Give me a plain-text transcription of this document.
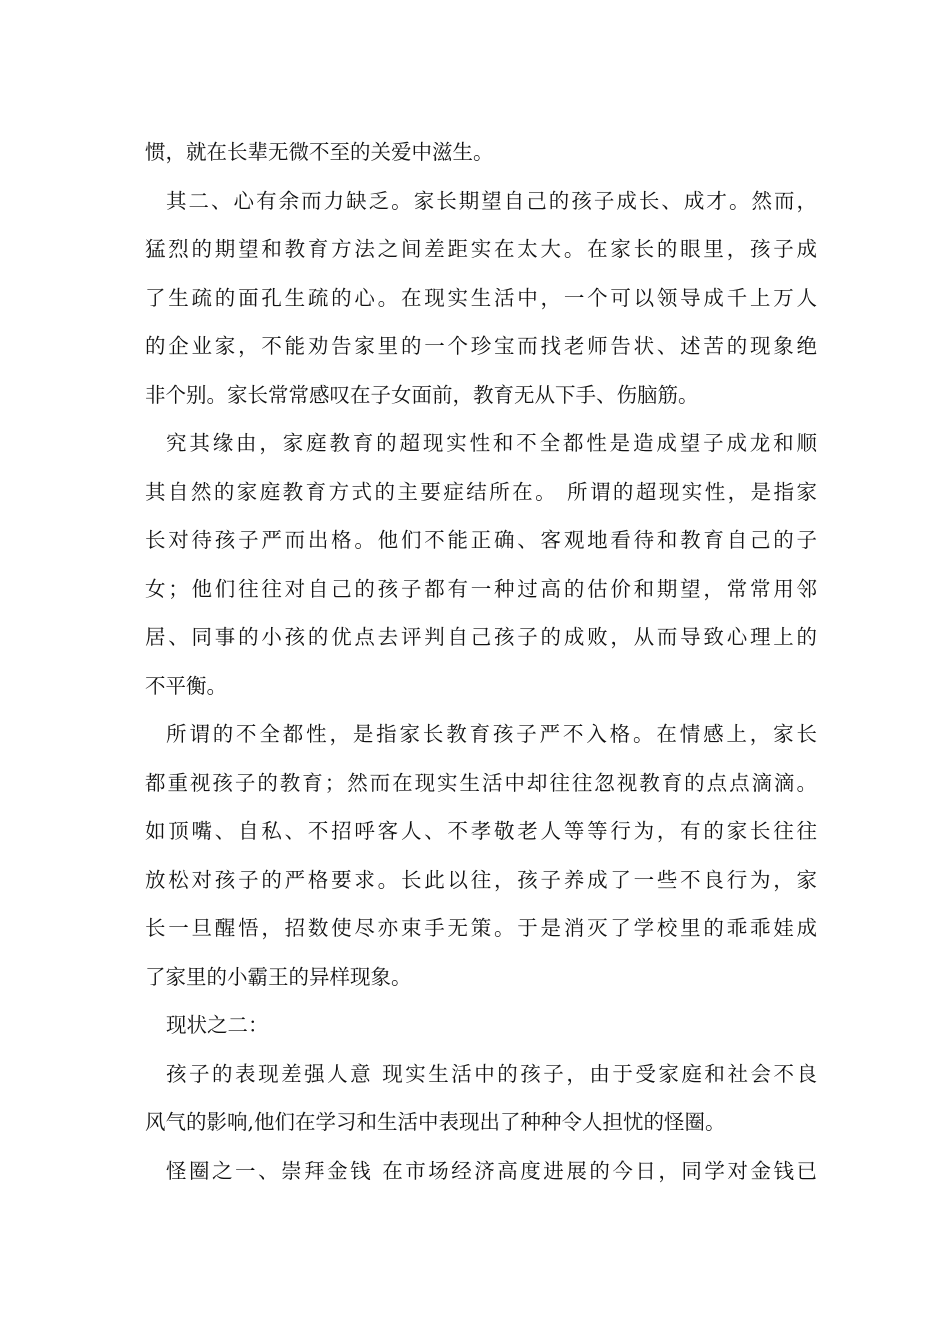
惯，就在长辈无微不至的关爱中滋生。
其二、心有余而力缺乏。家长期望自己的孩子成长、成才。然而，
猛烈的期望和教育方法之间差距实在太大。在家长的眼里，孩子成
了生疏的面孔生疏的心。在现实生活中，一个可以领导成千上万人
的企业家，不能劝告家里的一个珍宝而找老师告状、述苦的现象绝
非个别。家长常常感叹在子女面前，教育无从下手、伤脑筋。
究其缘由，家庭教育的超现实性和不全都性是造成望子成龙和顺
其自然的家庭教育方式的主要症结所在。 所谓的超现实性，是指家
长对待孩子严而出格。他们不能正确、客观地看待和教育自己的子
女；他们往往对自己的孩子都有一种过高的估价和期望，常常用邻
居、同事的小孩的优点去评判自己孩子的成败，从而导致心理上的
不平衡。
所谓的不全都性，是指家长教育孩子严不入格。在情感上，家长
都重视孩子的教育；然而在现实生活中却往往忽视教育的点点滴滴。
如顶嘴、自私、不招呼客人、不孝敬老人等等行为，有的家长往往
放松对孩子的严格要求。长此以往，孩子养成了一些不良行为，家
长一旦醒悟，招数使尽亦束手无策。于是消灭了学校里的乖乖娃成
了家里的小霸王的异样现象。
现状之二：
孩子的表现差强人意 现实生活中的孩子，由于受家庭和社会不良
风气的影响,他们在学习和生活中表现出了种种令人担忧的怪圈。
怪圈之一、崇拜金钱 在市场经济高度进展的今日，同学对金钱已
